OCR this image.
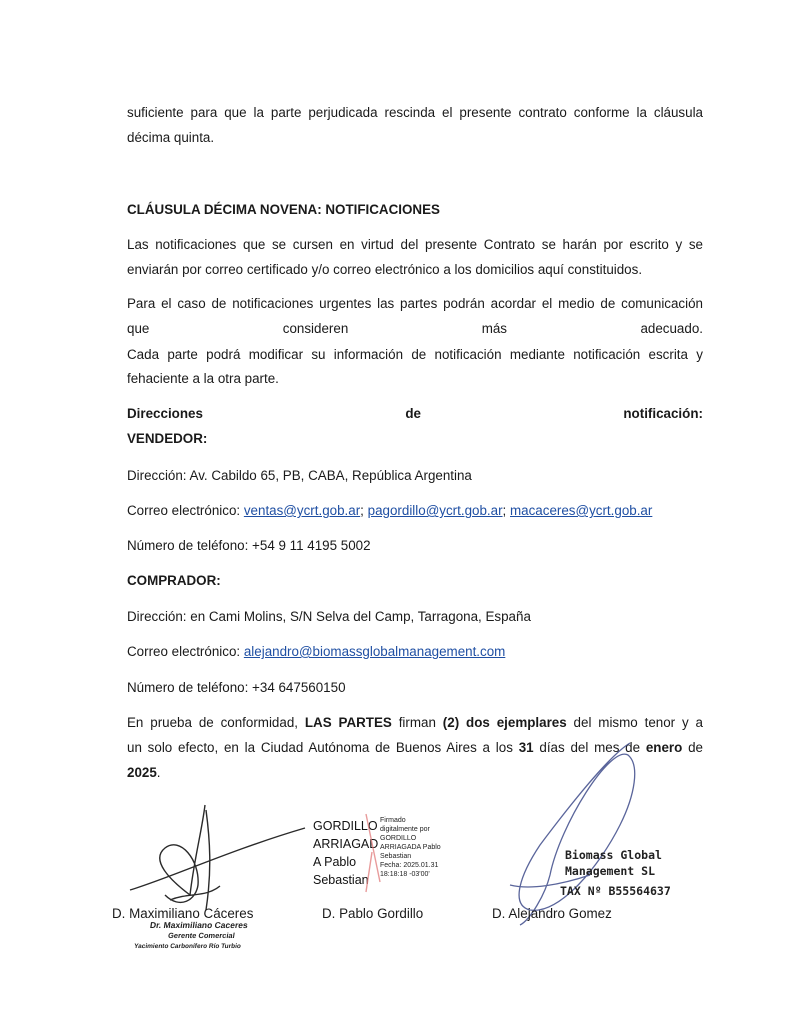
suficiente para que la parte perjudicada rescinda el presente contrato conforme la cláusula

décima quinta.

CLÁUSULA DÉCIMA NOVENA: NOTIFICACIONES

Las notificaciones que se cursen en virtud del presente Contrato se harán por escrito y se

enviarán por correo certificado y/o correo electrónico a los domicilios aquí constituidos.

Para el caso de notificaciones urgentes las partes podrán acordar el medio de comunicación

que	consideren	más	adecuado.

Cada parte podrá modificar su información de notificación mediante notificación escrita y

fehaciente a la otra parte.

Direcciones	de	notificación:

VENDEDOR:

Dirección: Av. Cabildo 65, PB, CABA, República Argentina

Correo electrónico: ventas@ycrt.gob.ar; pagordillo@ycrt.gob.ar; macaceres@ycrt.gob.ar

Número de teléfono: +54 9 11 4195 5002

COMPRADOR:

Dirección: en Cami Molins, S/N Selva del Camp, Tarragona, España

Correo electrónico: alejandro@biomassglobalmanagement.com

Número de teléfono: +34 647560150

En prueba de conformidad, LAS PARTES firman (2) dos ejemplares del mismo tenor y a

un solo efecto, en la Ciudad Autónoma de Buenos Aires a los 31 días del mes de enero de

2025.

D. Maximiliano Cáceres

Dr. Maximiliano Caceres
Gerente Comercial
Yacimiento Carbonífero Río Turbio
GORDILLO
ARRIAGAD
A Pablo
Sebastian
Firmado
digitalmente por
GORDILLO
ARRIAGADA Pablo
Sebastian
Fecha: 2025.01.31
18:18:18 -03'00'

D. Pablo Gordillo

Biomass Global
Management SL
TAX Nº B55564637

D. Alejandro Gomez
